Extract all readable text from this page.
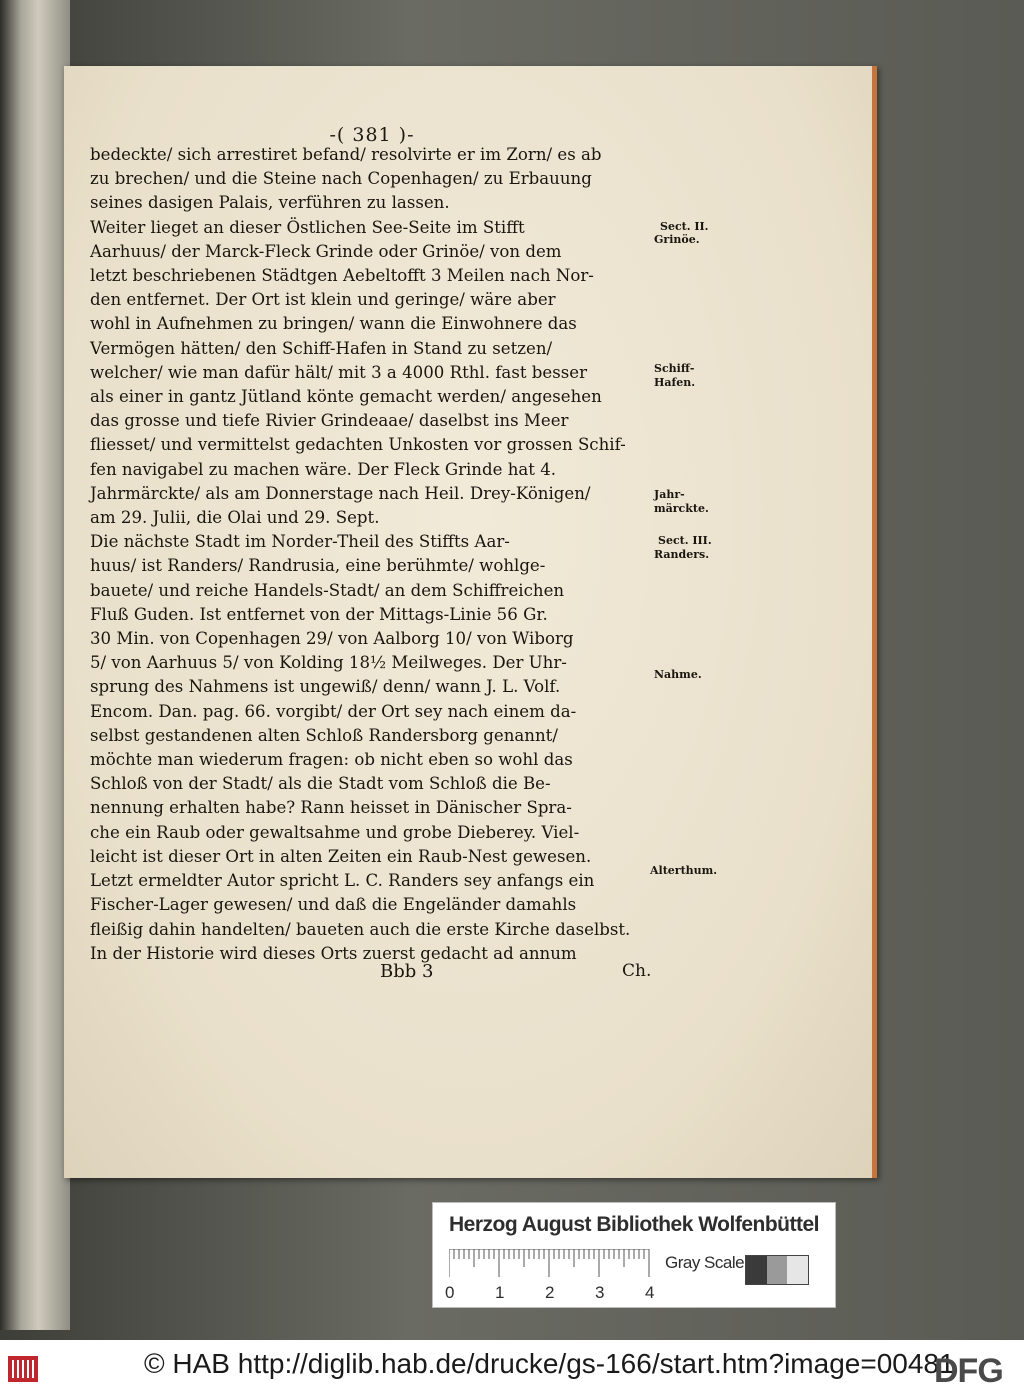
-( 381 )-
bedeckte/ sich arrestiret befand/ resolvirte er im Zorn/ es ab
zu brechen/ und die Steine nach Copenhagen/ zu Erbauung
seines dasigen Palais, verführen zu lassen.
Weiter lieget an dieser Östlichen See-Seite im Stifft
Aarhuus/ der Marck-Fleck Grinde oder Grinöe/ von dem
letzt beschriebenen Städtgen Aebeltofft 3 Meilen nach Nor-
den entfernet. Der Ort ist klein und geringe/ wäre aber
wohl in Aufnehmen zu bringen/ wann die Einwohnere das
Vermögen hätten/ den Schiff-Hafen in Stand zu setzen/
welcher/ wie man dafür hält/ mit 3 a 4000 Rthl. fast besser
als einer in gantz Jütland könte gemacht werden/ angesehen
das grosse und tiefe Rivier Grindeaae/ daselbst ins Meer
fliesset/ und vermittelst gedachten Unkosten vor grossen Schif-
fen navigabel zu machen wäre. Der Fleck Grinde hat 4.
Jahrmärckte/ als am Donnerstage nach Heil. Drey-Königen/
am 29. Julii, die Olai und 29. Sept.
Die nächste Stadt im Norder-Theil des Stiffts Aar-
huus/ ist Randers/ Randrusia, eine berühmte/ wohlge-
bauete/ und reiche Handels-Stadt/ an dem Schiffreichen
Fluß Guden. Ist entfernet von der Mittags-Linie 56 Gr.
30 Min. von Copenhagen 29/ von Aalborg 10/ von Wiborg
5/ von Aarhuus 5/ von Kolding 18½ Meilweges. Der Uhr-
sprung des Nahmens ist ungewiß/ denn/ wann J. L. Volf.
Encom. Dan. pag. 66. vorgibt/ der Ort sey nach einem da-
selbst gestandenen alten Schloß Randersborg genannt/
möchte man wiederum fragen: ob nicht eben so wohl das
Schloß von der Stadt/ als die Stadt vom Schloß die Be-
nennung erhalten habe? Rann heisset in Dänischer Spra-
che ein Raub oder gewaltsahme und grobe Dieberey. Viel-
leicht ist dieser Ort in alten Zeiten ein Raub-Nest gewesen.
Letzt ermeldter Autor spricht L. C. Randers sey anfangs ein
Fischer-Lager gewesen/ und daß die Engeländer damahls
fleißig dahin handelten/ baueten auch die erste Kirche daselbst.
In der Historie wird dieses Orts zuerst gedacht ad annum
Sect. II.
Grinöe.
Schiff-
Hafen.
Jahr-
märckte.
Sect. III.
Randers.
Nahme.
Alterthum.
Bbb 3	Ch.
Herzog August Bibliothek Wolfenbüttel
0 1 2 3 4
Gray Scale
© HAB http://diglib.hab.de/drucke/gs-166/start.htm?image=00481
DFG
